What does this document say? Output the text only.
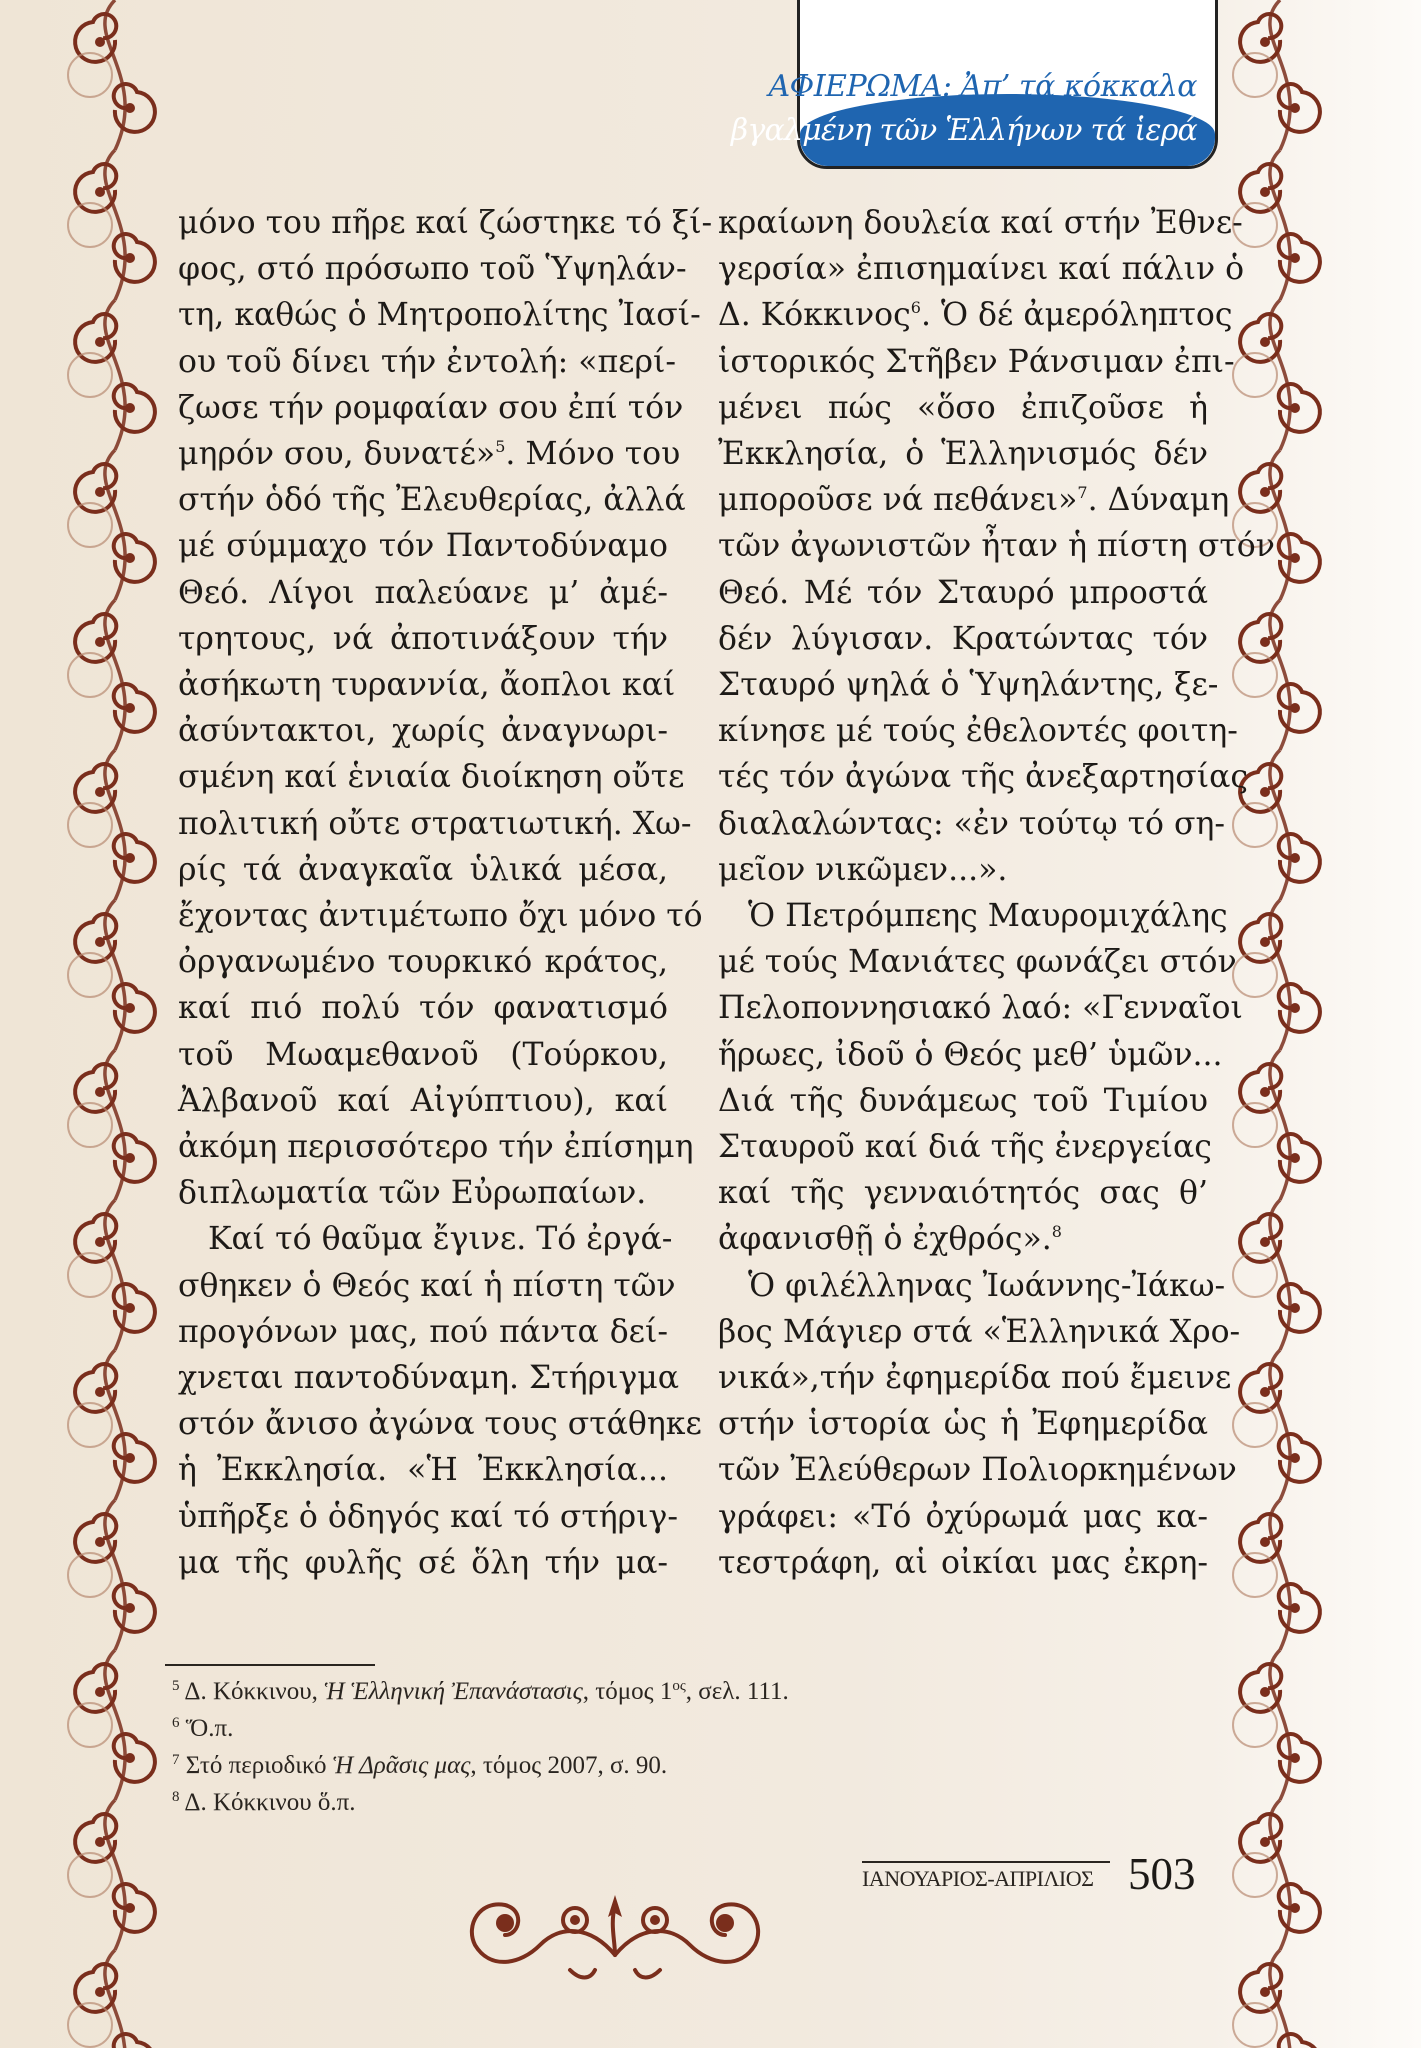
ΑΦΙΕΡΩΜΑ: Ἀπ’ τά κόκκαλα
βγαλμένη τῶν Ἑλλήνων τά ἱερά
μόνο του πῆρε καί ζώστηκε τό ξί-
φος, στό πρόσωπο τοῦ Ὑψηλάν-
τη, καθώς ὁ Μητροπολίτης Ἰασί-
ου τοῦ δίνει τήν ἐντολή: «περί-
ζωσε τήν ρομφαίαν σου ἐπί τόν
μηρόν σου, δυνατέ»$^5$. Μόνο του
στήν ὁδό τῆς Ἐλευθερίας, ἀλλά
μέ σύμμαχο τόν Παντοδύναμο
Θεό. Λίγοι παλεύανε μ’ ἀμέ-
τρητους, νά ἀποτινάξουν τήν
ἀσήκωτη τυραννία, ἄοπλοι καί
ἀσύντακτοι, χωρίς ἀναγνωρι-
σμένη καί ἑνιαία διοίκηση οὔτε
πολιτική οὔτε στρατιωτική. Χω-
ρίς τά ἀναγκαῖα ὑλικά μέσα,
ἔχοντας ἀντιμέτωπο ὄχι μόνο τό
ὀργανωμένο τουρκικό κράτος,
καί πιό πολύ τόν φανατισμό
τοῦ Μωαμεθανοῦ (Τούρκου,
Ἀλβανοῦ καί Αἰγύπτιου), καί
ἀκόμη περισσότερο τήν ἐπίσημη
διπλωματία τῶν Εὐρωπαίων.
Καί τό θαῦμα ἔγινε. Τό ἐργά-
σθηκεν ὁ Θεός καί ἡ πίστη τῶν
προγόνων μας, πού πάντα δεί-
χνεται παντοδύναμη. Στήριγμα
στόν ἄνισο ἀγώνα τους στάθηκε
ἡ Ἐκκλησία. «Ἡ Ἐκκλησία...
ὑπῆρξε ὁ ὁδηγός καί τό στήριγ-
μα τῆς φυλῆς σέ ὅλη τήν μα-
κραίωνη δουλεία καί στήν Ἐθνε-
γερσία» ἐπισημαίνει καί πάλιν ὁ
Δ. Κόκκινος$^6$. Ὁ δέ ἀμερόληπτος
ἱστορικός Στῆβεν Ράνσιμαν ἐπι-
μένει πώς «ὅσο ἐπιζοῦσε ἡ
Ἐκκλησία, ὁ Ἑλληνισμός δέν
μποροῦσε νά πεθάνει»$^7$. Δύναμη
τῶν ἀγωνιστῶν ἦταν ἡ πίστη στόν
Θεό. Μέ τόν Σταυρό μπροστά
δέν λύγισαν. Κρατώντας τόν
Σταυρό ψηλά ὁ Ὑψηλάντης, ξε-
κίνησε μέ τούς ἐθελοντές φοιτη-
τές τόν ἀγώνα τῆς ἀνεξαρτησίας
διαλαλώντας: «ἐν τούτῳ τό ση-
μεῖον νικῶμεν...».
Ὁ Πετρόμπεης Μαυρομιχάλης
μέ τούς Μανιάτες φωνάζει στόν
Πελοποννησιακό λαό: «Γενναῖοι
ἥρωες, ἰδοῦ ὁ Θεός μεθ’ ὑμῶν...
Διά τῆς δυνάμεως τοῦ Τιμίου
Σταυροῦ καί διά τῆς ἐνεργείας
καί τῆς γενναιότητός σας θ’
ἀφανισθῇ ὁ ἐχθρός».$^8$
Ὁ φιλέλληνας Ἰωάννης-Ἰάκω-
βος Μάγιερ στά «Ἑλληνικά Χρο-
νικά»,τήν ἐφημερίδα πού ἔμεινε
στήν ἱστορία ὡς ἡ Ἐφημερίδα
τῶν Ἐλεύθερων Πολιορκημένων
γράφει: «Τό ὀχύρωμά μας κα-
τεστράφη, αἱ οἰκίαι μας ἐκρη-
$^5$ Δ. Κόκκινου, Ἡ Ἑλληνική Ἐπανάστασις, τόμος $1^{o\varsigma}$, σελ. 111.
$^6$ Ὅ.π.
$^7$ Στό περιοδικό Ἡ Δρᾶσις μας, τόμος 2007, σ. 90.
$^8$ Δ. Κόκκινου ὅ.π.
ΙΑΝΟΥΑΡΙΟΣ-ΑΠΡΙΛΙΟΣ 503
